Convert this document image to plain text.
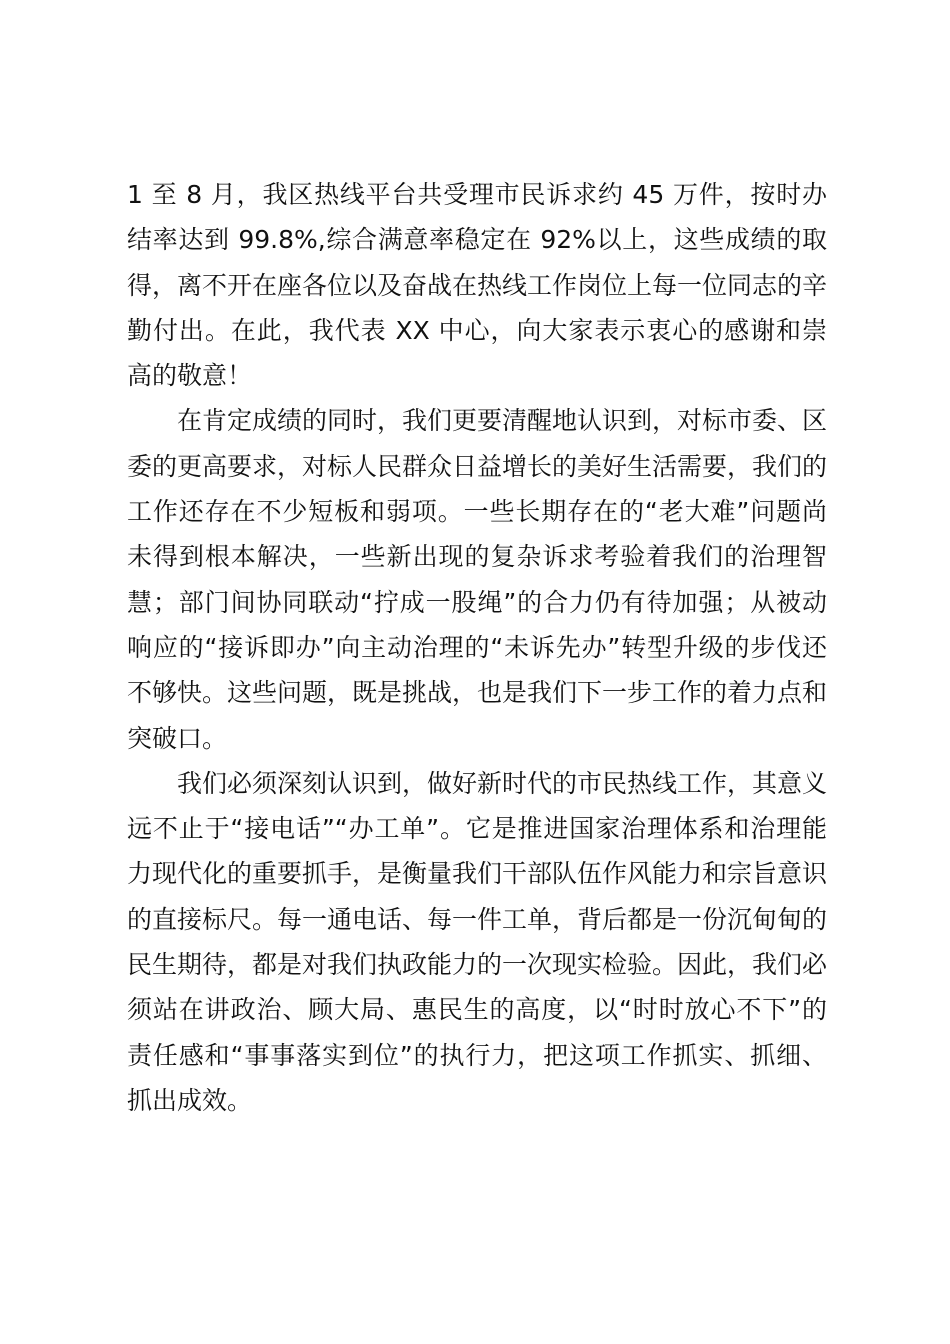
1 至 8 月，我区热线平台共受理市民诉求约 45 万件，按时办结率达到 99.8%,综合满意率稳定在 92%以上，这些成绩的取得，离不开在座各位以及奋战在热线工作岗位上每一位同志的辛勤付出。在此，我代表 XX 中心，向大家表示衷心的感谢和崇高的敬意！

在肯定成绩的同时，我们更要清醒地认识到，对标市委、区委的更高要求，对标人民群众日益增长的美好生活需要，我们的工作还存在不少短板和弱项。一些长期存在的“老大难”问题尚未得到根本解决，一些新出现的复杂诉求考验着我们的治理智慧；部门间协同联动“拧成一股绳”的合力仍有待加强；从被动响应的“接诉即办”向主动治理的“未诉先办”转型升级的步伐还不够快。这些问题，既是挑战，也是我们下一步工作的着力点和突破口。

我们必须深刻认识到，做好新时代的市民热线工作，其意义远不止于“接电话”“办工单”。它是推进国家治理体系和治理能力现代化的重要抓手，是衡量我们干部队伍作风能力和宗旨意识的直接标尺。每一通电话、每一件工单，背后都是一份沉甸甸的民生期待，都是对我们执政能力的一次现实检验。因此，我们必须站在讲政治、顾大局、惠民生的高度，以“时时放心不下”的责任感和“事事落实到位”的执行力，把这项工作抓实、抓细、抓出成效。
